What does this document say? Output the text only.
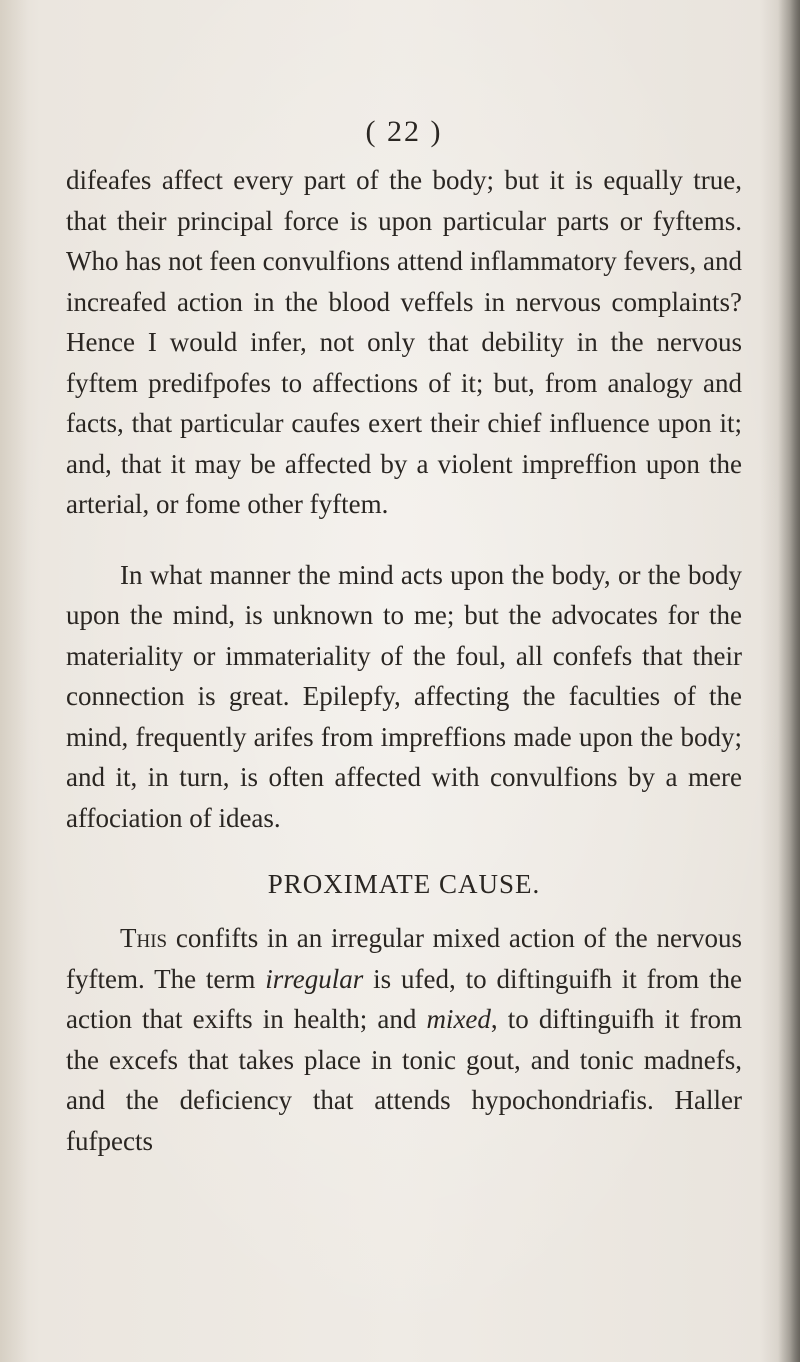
( 22 )

difeafes affect every part of the body; but it is equally true, that their principal force is upon particular parts or fyftems. Who has not feen convulfions attend inflammatory fevers, and increafed action in the blood veffels in nervous complaints? Hence I would infer, not only that debility in the nervous fyftem predifpofes to affections of it; but, from analogy and facts, that particular caufes exert their chief influence upon it; and, that it may be affected by a violent impreffion upon the arterial, or fome other fyftem.

In what manner the mind acts upon the body, or the body upon the mind, is unknown to me; but the advocates for the materiality or immateriality of the foul, all confefs that their connection is great. Epilepfy, affecting the faculties of the mind, frequently arifes from impreffions made upon the body; and it, in turn, is often affected with convulfions by a mere affociation of ideas.

PROXIMATE CAUSE.

This confifts in an irregular mixed action of the nervous fyftem. The term irregular is ufed, to diftinguifh it from the action that exifts in health; and mixed, to diftinguifh it from the excefs that takes place in tonic gout, and tonic madnefs, and the deficiency that attends hypochondriafis. Haller fufpects
